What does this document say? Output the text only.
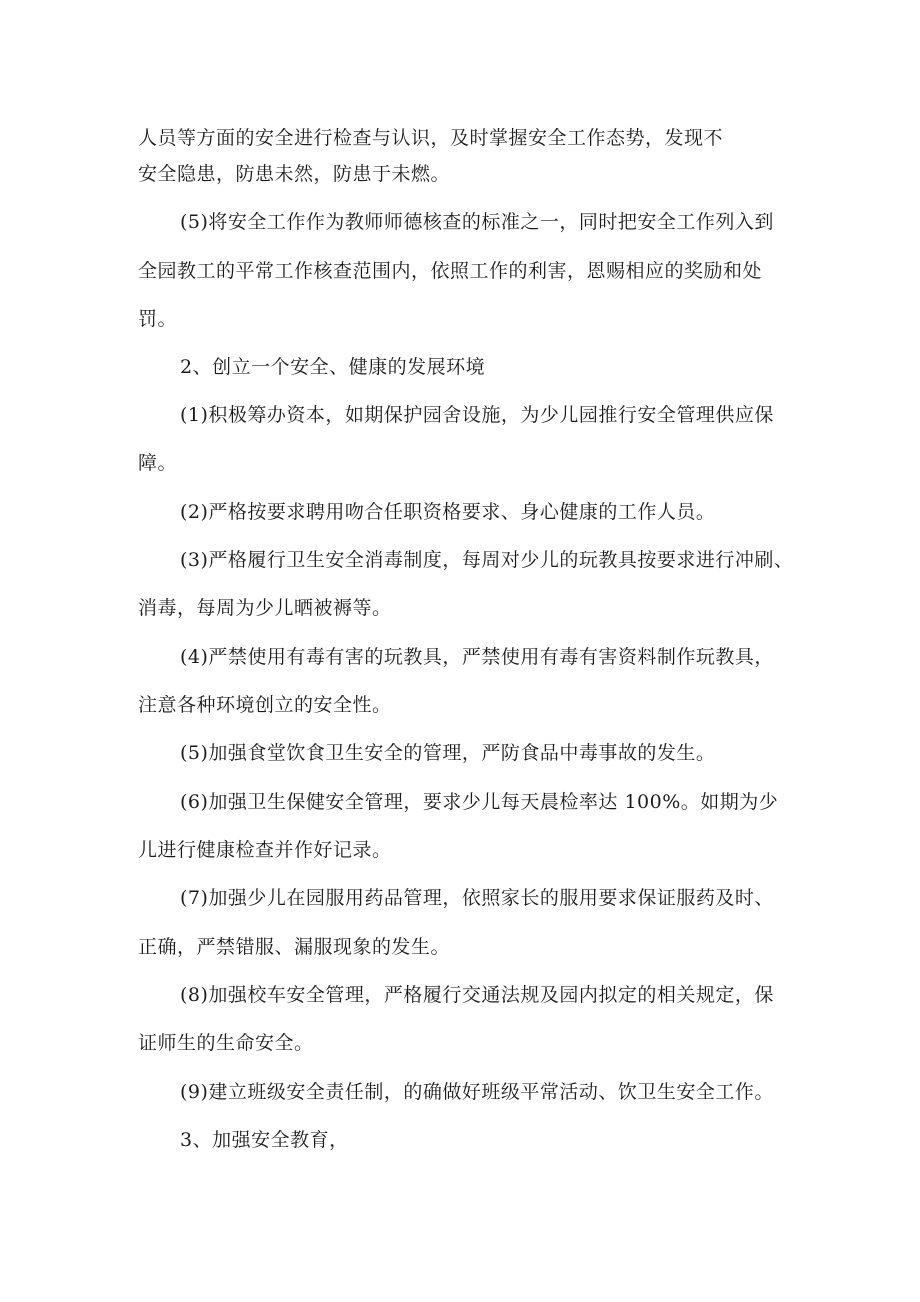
人员等方面的安全进行检查与认识，及时掌握安全工作态势，发现不
安全隐患，防患未然，防患于未燃。
(5)将安全工作作为教师师德核查的标准之一，同时把安全工作列入到
全园教工的平常工作核查范围内，依照工作的利害，恩赐相应的奖励和处
罚。
2、创立一个安全、健康的发展环境
(1)积极筹办资本，如期保护园舍设施，为少儿园推行安全管理供应保
障。
(2)严格按要求聘用吻合任职资格要求、身心健康的工作人员。
(3)严格履行卫生安全消毒制度，每周对少儿的玩教具按要求进行冲刷、
消毒，每周为少儿晒被褥等。
(4)严禁使用有毒有害的玩教具，严禁使用有毒有害资料制作玩教具，
注意各种环境创立的安全性。
(5)加强食堂饮食卫生安全的管理，严防食品中毒事故的发生。
(6)加强卫生保健安全管理，要求少儿每天晨检率达 100%。如期为少
儿进行健康检查并作好记录。
(7)加强少儿在园服用药品管理，依照家长的服用要求保证服药及时、
正确，严禁错服、漏服现象的发生。
(8)加强校车安全管理，严格履行交通法规及园内拟定的相关规定，保
证师生的生命安全。
(9)建立班级安全责任制，的确做好班级平常活动、饮卫生安全工作。
3、加强安全教育，
